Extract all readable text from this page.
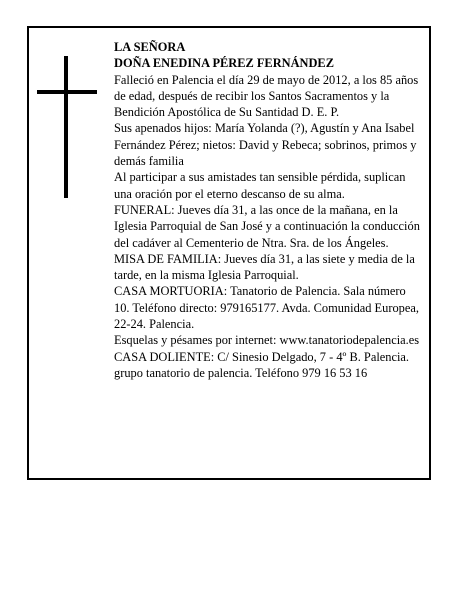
LA SEÑORA

DOÑA ENEDINA PÉREZ FERNÁNDEZ

Falleció en Palencia el día 29 de mayo de 2012, a los 85 años de edad, después de recibir los Santos Sacramentos y la Bendición Apostólica de Su Santidad D. E. P.

Sus apenados hijos: María Yolanda (?), Agustín y Ana Isabel Fernández Pérez; nietos: David y Rebeca; sobrinos, primos y demás familia

Al participar a sus amistades tan sensible pérdida, suplican una oración por el eterno descanso de su alma.

FUNERAL: Jueves día 31, a las once de la mañana, en la Iglesia Parroquial de San José y a continuación la conducción del cadáver al Cementerio de Ntra. Sra. de los Ángeles.

MISA DE FAMILIA: Jueves día 31, a las siete y media de la tarde, en la misma Iglesia Parroquial.

CASA MORTUORIA: Tanatorio de Palencia. Sala número 10. Teléfono directo: 979165177. Avda. Comunidad Europea, 22-24. Palencia.

Esquelas y pésames por internet: www.tanatoriodepalencia.es

CASA DOLIENTE: C/ Sinesio Delgado, 7 - 4º B. Palencia.

grupo tanatorio de palencia. Teléfono 979 16 53 16
